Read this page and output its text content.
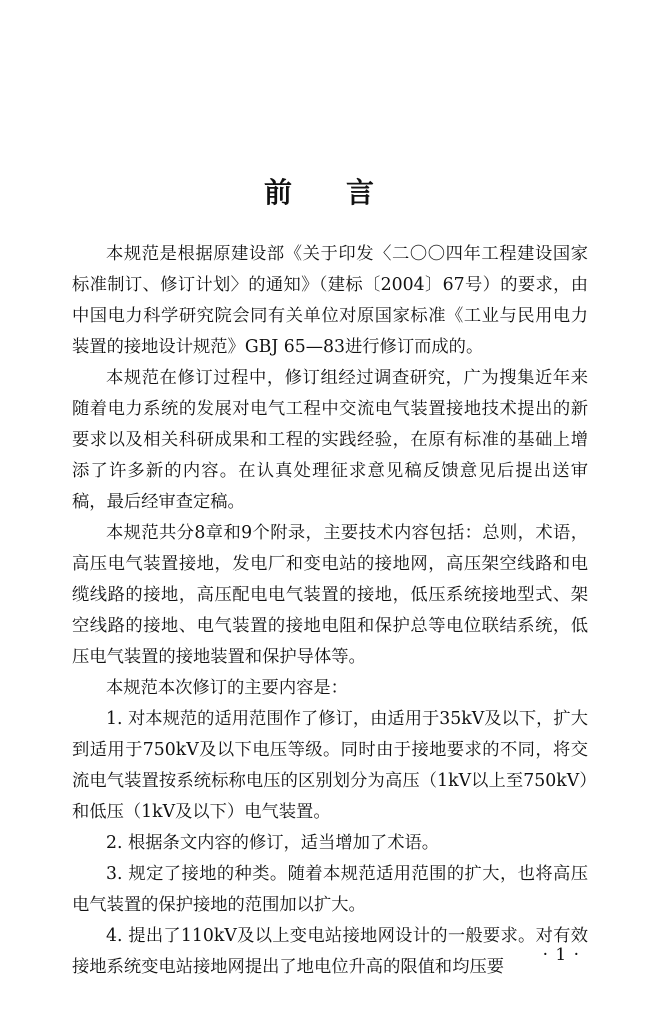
前 言

本规范是根据原建设部《关于印发〈二〇〇四年工程建设国家标准制订、修订计划〉的通知》（建标〔2004〕67号）的要求，由中国电力科学研究院会同有关单位对原国家标准《工业与民用电力装置的接地设计规范》GBJ 65—83进行修订而成的。

本规范在修订过程中，修订组经过调查研究，广为搜集近年来随着电力系统的发展对电气工程中交流电气装置接地技术提出的新要求以及相关科研成果和工程的实践经验，在原有标准的基础上增添了许多新的内容。在认真处理征求意见稿反馈意见后提出送审稿，最后经审查定稿。

本规范共分8章和9个附录，主要技术内容包括：总则，术语，高压电气装置接地，发电厂和变电站的接地网，高压架空线路和电缆线路的接地，高压配电电气装置的接地，低压系统接地型式、架空线路的接地、电气装置的接地电阻和保护总等电位联结系统，低压电气装置的接地装置和保护导体等。

本规范本次修订的主要内容是：

1. 对本规范的适用范围作了修订，由适用于35kV及以下，扩大到适用于750kV及以下电压等级。同时由于接地要求的不同，将交流电气装置按系统标称电压的区别划分为高压（1kV以上至750kV）和低压（1kV及以下）电气装置。

2. 根据条文内容的修订，适当增加了术语。

3. 规定了接地的种类。随着本规范适用范围的扩大，也将高压电气装置的保护接地的范围加以扩大。

4. 提出了110kV及以上变电站接地网设计的一般要求。对有效接地系统变电站接地网提出了地电位升高的限值和均压要

· 1 ·
